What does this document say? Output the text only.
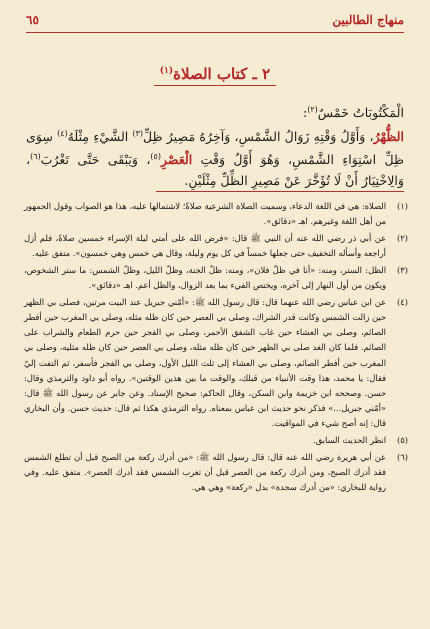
منهاج الطالبين
٦٥
٢ ـ كتاب الصلاة$^{(١)}$

الْمَكْتُوبَاتُ خَمْسٌ$^{(٢)}$:

الظُّهْرُ، وَأَوَّلُ وَقْتِهِ زَوَالُ الشَّمْسِ، وَآخِرُهُ مَصِيرُ ظِلِّ$^{(٣)}$ الشَّيْءِ مِثْلَهُ$^{(٤)}$ سِوَى ظِلِّ اسْتِوَاءِ الشَّمْسِ، وَهُوَ أَوَّلُ وَقْتِ الْعَصْرِ$^{(٥)}$، وَيَبْقَى حَتَّى تَغْرُبَ$^{(٦)}$، وَالِاخْتِيَارُ أَنْ لَا تُؤَخَّرَ عَنْ مَصِيرِ الظِّلِّ مِثْلَيْنِ.

(١)
الصلاة: هي في اللغة الدعاء، وسميت الصلاة الشرعية صلاةً؛ لاشتمالها عليه، هذا هو الصواب وقول الجمهور من أهل اللغة وغيرهم. اهـ «دقائق».
(٢)
عن أبي ذر رضي الله عنه أن النبي ﷺ قال: «فرض الله على أمتي ليلة الإسراء خمسين صلاةً، فلم أزل أراجعه وأسأله التخفيف حتى جعلها خمساً في كل يوم وليلة، وقال هي خمس وهي خمسون». متفق عليه.
(٣)
الظل: الستر، ومنه: «أنا في ظلّ فلان»، ومنه: ظلّ الجنة، وظلّ الليل، وظلّ الشمس: ما ستر الشخوص، ويكون من أول النهار إلى آخره، ويختص الفيء بما بعد الزوال، والظل أعم. اهـ «دقائق».
(٤)
عن ابن عباس رضي الله عنهما قال: قال رسول الله ﷺ: «أمّني جبريل عند البيت مرتين، فصلى بي الظهر حين زالت الشمس وكانت قدر الشراك، وصلى بي العصر حين كان ظله مثله، وصلى بي المغرب حين أفطر الصائم، وصلى بي العشاء حين غاب الشفق الأحمر، وصلى بي الفجر حين حرم الطعام والشراب على الصائم. فلما كان الغد صلى بي الظهر حين كان ظله مثله، وصلى بي العصر حين كان ظله مثليه، وصلى بي المغرب حين أفطر الصائم، وصلى بي العشاء إلى ثلث الليل الأول، وصلى بي الفجر فأسفر، ثم التفت إليّ فقال: يا محمد، هذا وقت الأنبياء من قبلك، والوقت ما بين هذين الوقتين». رواه أبو داود والترمذي وقال: حسن. وصححه ابن خزيمة وابن السكن، وقال الحاكم: صحيح الإسناد. وعن جابر عن رسول الله ﷺ قال: «أمّني جبريل...» فذكر نحو حديث ابن عباس بمعناه. رواه الترمذي هكذا ثم قال: حديث حسن. وأن البخاري قال: إنه أصح شيء في المواقيت.
(٥)
انظر الحديث السابق.
(٦)
عن أبي هريرة رضي الله عنه قال: قال رسول الله ﷺ: «من أدرك ركعة من الصبح قبل أن تطلع الشمس فقد أدرك الصبح، ومن أدرك ركعة من العصر قبل أن تغرب الشمس فقد أدرك العصر». متفق عليه. وفي رواية للبخاري: «من أدرك سجدة» بدل «ركعة» وهي هي.
